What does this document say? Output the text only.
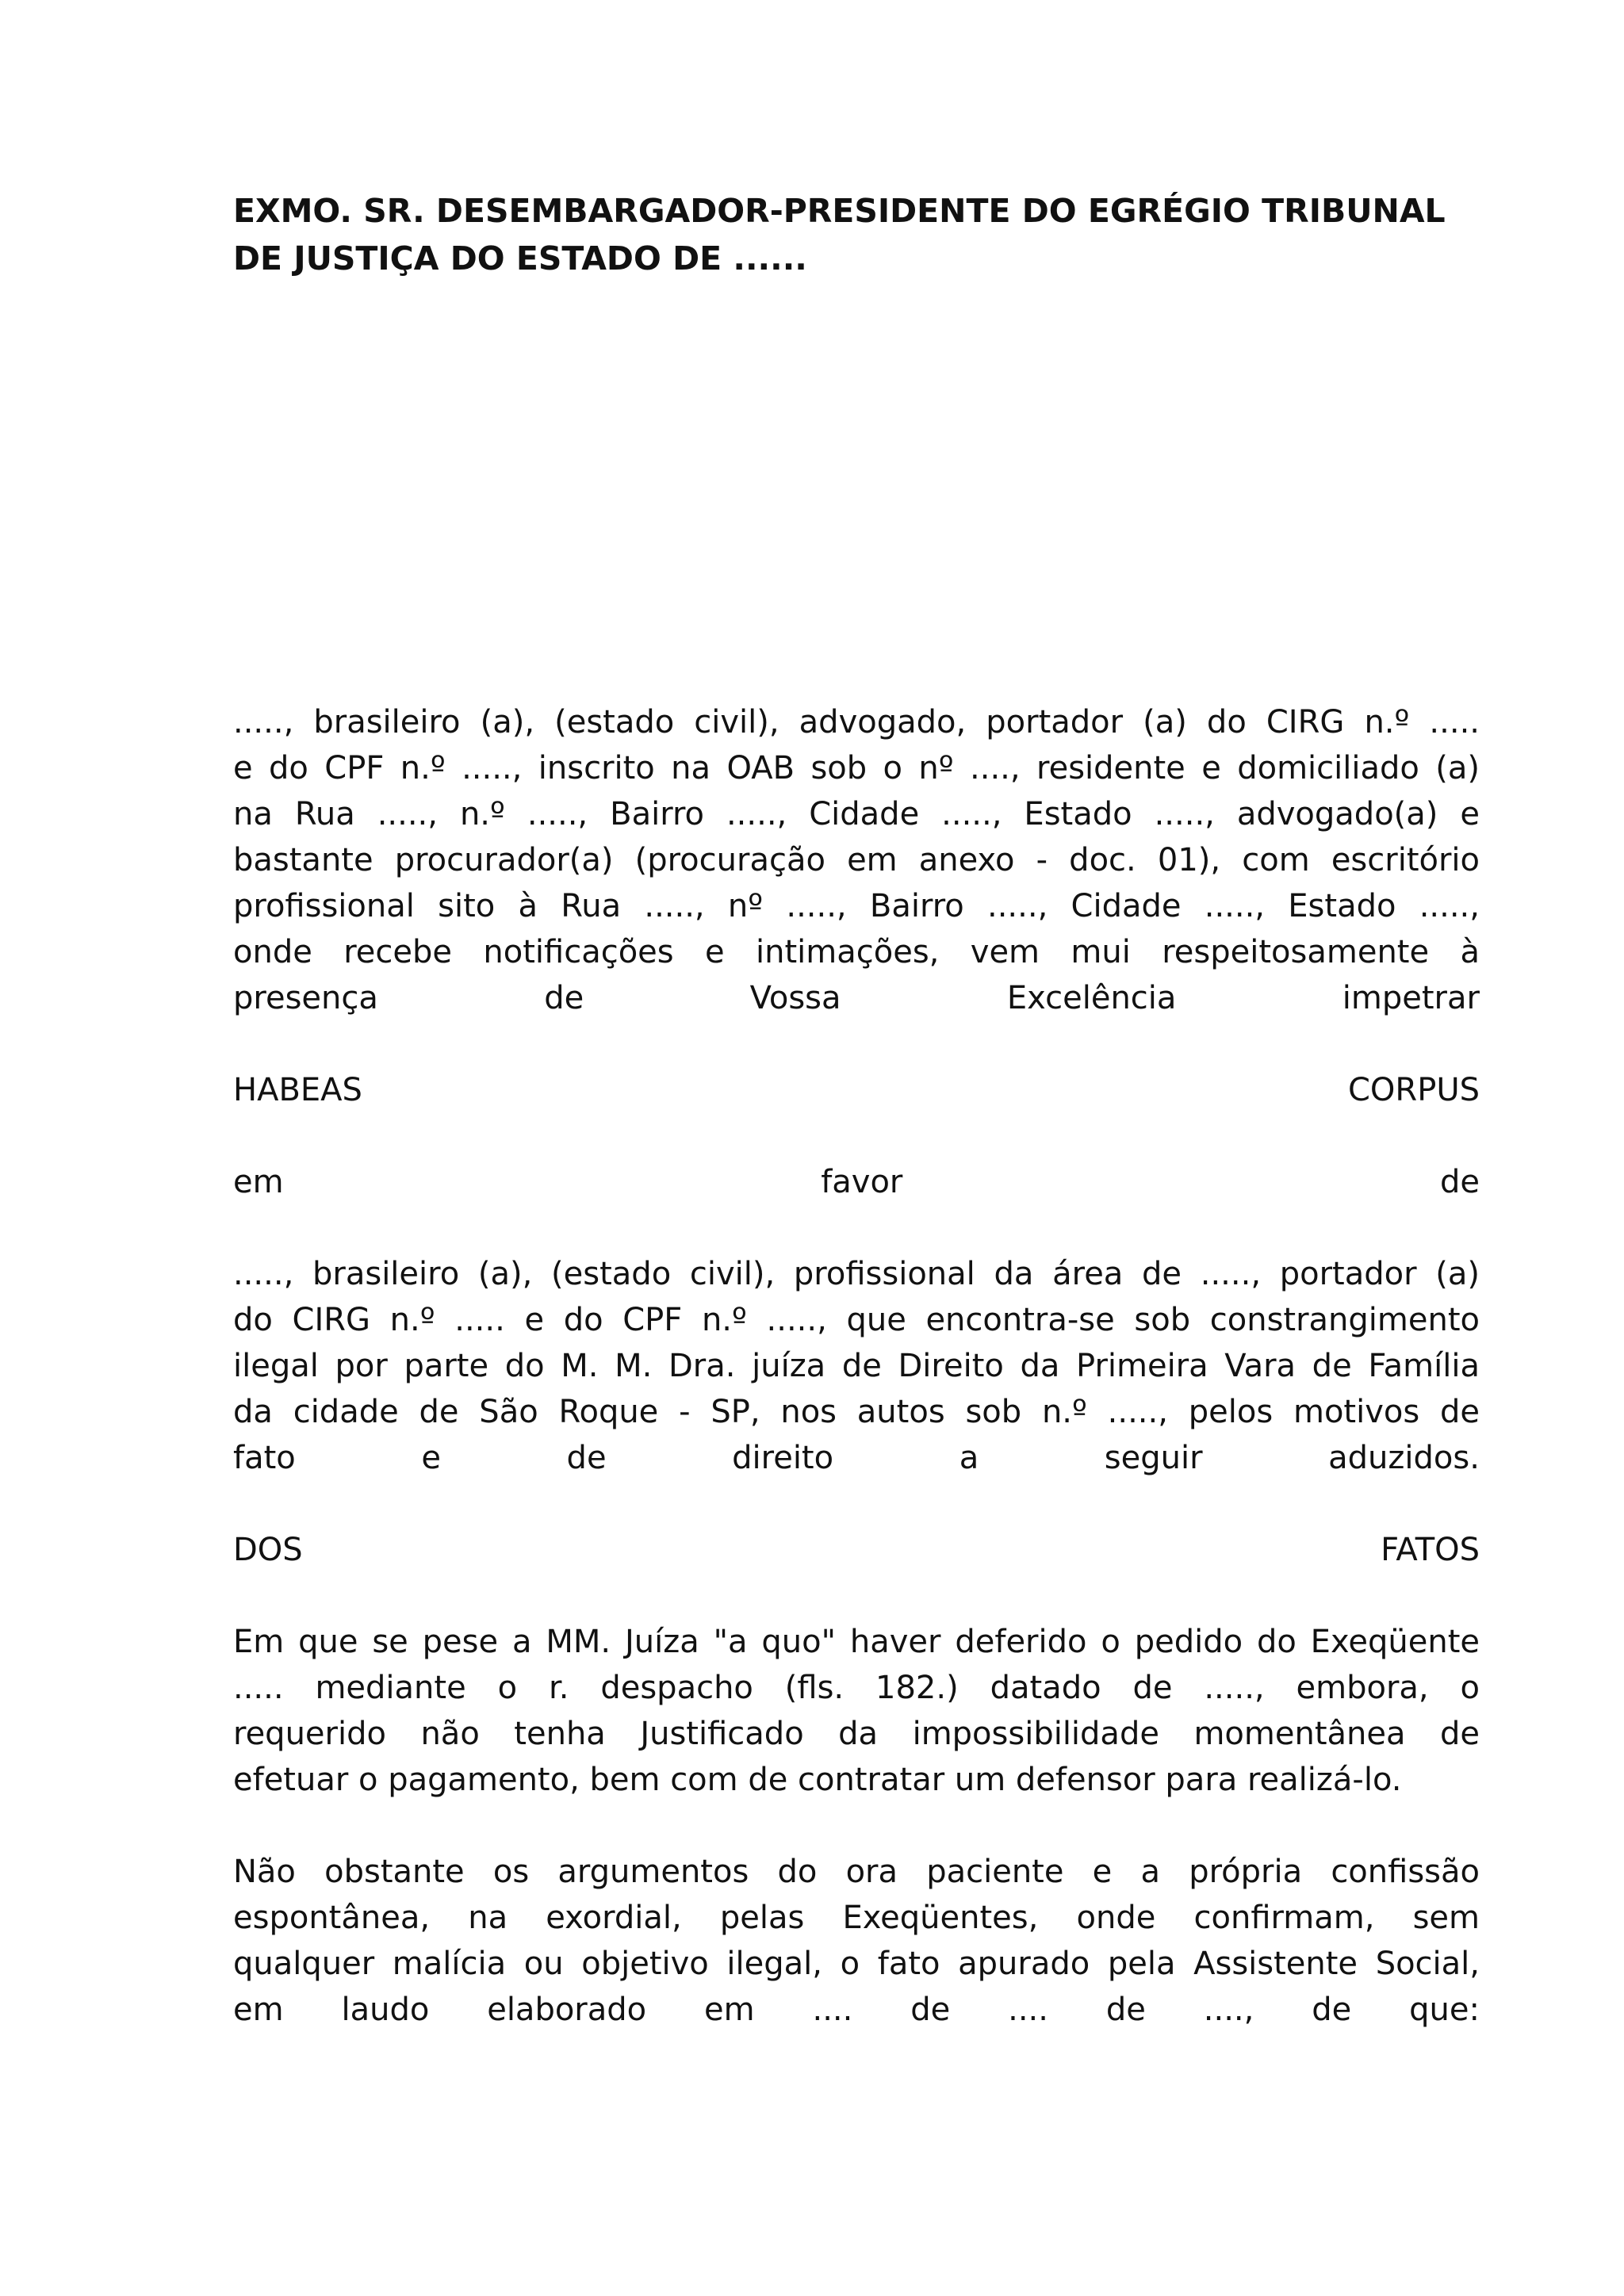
EXMO. SR. DESEMBARGADOR-PRESIDENTE DO EGRÉGIO TRIBUNAL
DE JUSTIÇA DO ESTADO DE ......

....., brasileiro (a), (estado civil), advogado, portador (a) do CIRG n.º .....
e do CPF n.º ....., inscrito na OAB sob o nº ...., residente e domiciliado (a)
na Rua ....., n.º ....., Bairro ....., Cidade ....., Estado ....., advogado(a) e
bastante procurador(a) (procuração em anexo - doc. 01), com escritório
profissional sito à Rua ....., nº ....., Bairro ....., Cidade ....., Estado .....,
onde recebe notificações e intimações, vem mui respeitosamente à

presença	de	Vossa	Excelência	impetrar
HABEAS	CORPUS
em	favor	de

....., brasileiro (a), (estado civil), profissional da área de ....., portador (a)
do CIRG n.º ..... e do CPF n.º ....., que encontra-se sob constrangimento
ilegal por parte do M. M. Dra. juíza de Direito da Primeira Vara de Família
da cidade de São Roque - SP, nos autos sob n.º ....., pelos motivos de

fato	e	de	direito	a	seguir	aduzidos.
DOS	FATOS

Em que se pese a MM. Juíza "a quo" haver deferido o pedido do Exeqüente
..... mediante o r. despacho (fls. 182.) datado de ....., embora, o
requerido não tenha Justificado da impossibilidade momentânea de
efetuar o pagamento, bem com de contratar um defensor para realizá-lo.

Não obstante os argumentos do ora paciente e a própria confissão
espontânea, na exordial, pelas Exeqüentes, onde confirmam, sem
qualquer malícia ou objetivo ilegal, o fato apurado pela Assistente Social,

em laudo elaborado em .... de .... de ...., de que:
